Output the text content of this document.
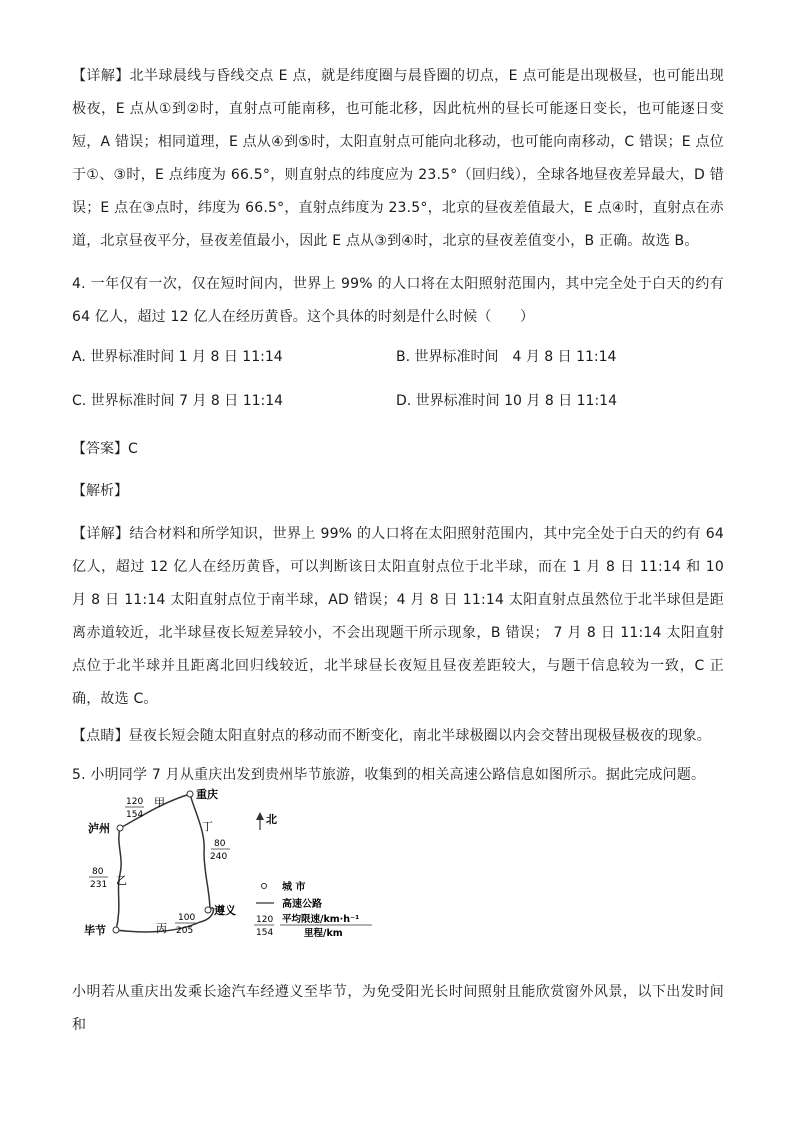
【详解】北半球晨线与昏线交点 E 点，就是纬度圈与晨昏圈的切点，E 点可能是出现极昼，也可能出现极夜，E 点从①到②时，直射点可能南移，也可能北移，因此杭州的昼长可能逐日变长，也可能逐日变短，A 错误；相同道理，E 点从④到⑤时，太阳直射点可能向北移动，也可能向南移动，C 错误；E 点位于①、③时，E 点纬度为 66.5°，则直射点的纬度应为 23.5°（回归线），全球各地昼夜差异最大，D 错误；E 点在③点时，纬度为 66.5°，直射点纬度为 23.5°，北京的昼夜差值最大，E 点④时，直射点在赤道，北京昼夜平分，昼夜差值最小，因此 E 点从③到④时，北京的昼夜差值变小，B 正确。故选 B。

4. 一年仅有一次，仅在短时间内，世界上 99% 的人口将在太阳照射范围内，其中完全处于白天的约有 64 亿人，超过 12 亿人在经历黄昏。这个具体的时刻是什么时候（　　）

A. 世界标准时间 1 月 8 日 11:14	B. 世界标准时间　4 月 8 日 11:14
C. 世界标准时间 7 月 8 日 11:14	D. 世界标准时间 10 月 8 日 11:14
【答案】C
【解析】

【详解】结合材料和所学知识，世界上 99% 的人口将在太阳照射范围内，其中完全处于白天的约有 64 亿人，超过 12 亿人在经历黄昏，可以判断该日太阳直射点位于北半球，而在 1 月 8 日 11:14 和 10 月 8 日 11:14 太阳直射点位于南半球，AD 错误；4 月 8 日 11:14 太阳直射点虽然位于北半球但是距离赤道较近，北半球昼夜长短差异较小，不会出现题干所示现象，B 错误； 7 月 8 日 11:14 太阳直射点位于北半球并且距离北回归线较近，北半球昼长夜短且昼夜差距较大，与题干信息较为一致，C 正确，故选 C。

【点睛】昼夜长短会随太阳直射点的移动而不断变化，南北半球极圈以内会交替出现极昼极夜的现象。

5. 小明同学 7 月从重庆出发到贵州毕节旅游，收集到的相关高速公路信息如图所示。据此完成问题。

重庆
泸州
遵义
毕节
甲
120
154
丁
80
240
乙
80
231
丙
100
205
北
城 市
高速公路
120
154
平均限速/km·h⁻¹
里程/km

小明若从重庆出发乘长途汽车经遵义至毕节，为免受阳光长时间照射且能欣赏窗外风景，以下出发时间和
